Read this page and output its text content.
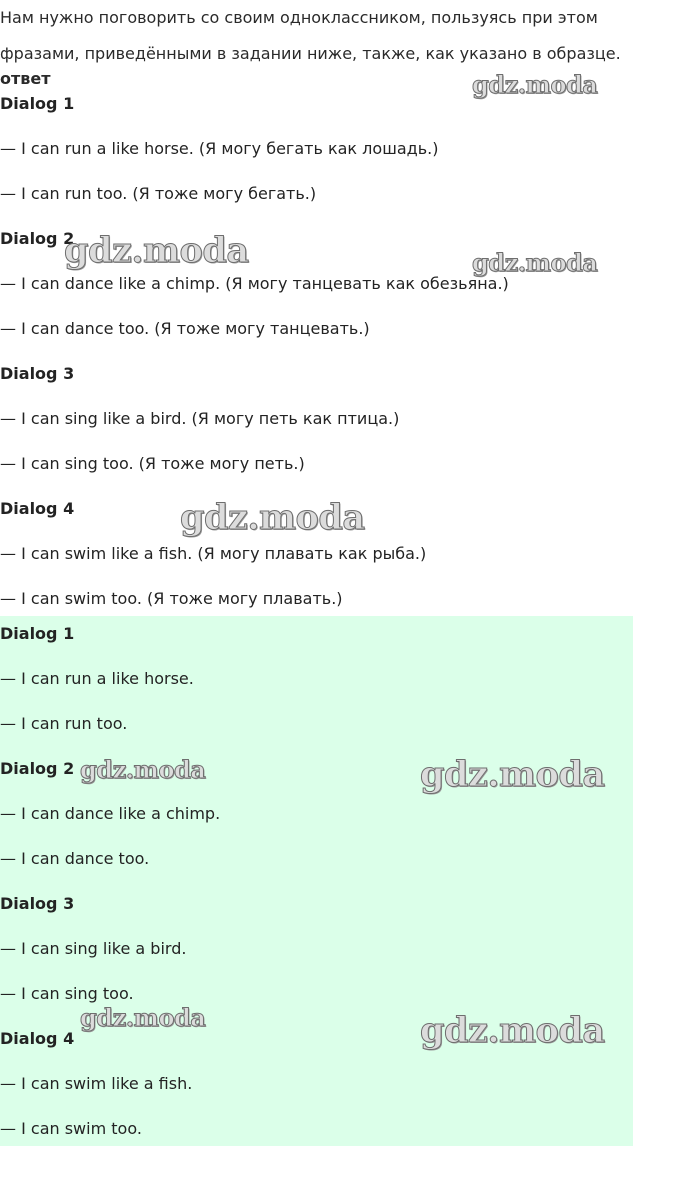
Нам нужно поговорить со своим одноклассником, пользуясь при этом фразами, приведёнными в задании ниже, также, как указано в образце.
ответ
Dialog 1
— I can run a like horse. (Я могу бегать как лошадь.)
— I can run too. (Я тоже могу бегать.)
Dialog 2
— I can dance like a chimp. (Я могу танцевать как обезьяна.)
— I can dance too. (Я тоже могу танцевать.)
Dialog 3
— I can sing like a bird. (Я могу петь как птица.)
— I can sing too. (Я тоже могу петь.)
Dialog 4
— I can swim like a fish. (Я могу плавать как рыба.)
— I can swim too. (Я тоже могу плавать.)
Dialog 1
— I can run a like horse.
— I can run too.
Dialog 2
— I can dance like a chimp.
— I can dance too.
Dialog 3
— I can sing like a bird.
— I can sing too.
Dialog 4
— I can swim like a fish.
— I can swim too.
gdz.moda
gdz.moda	gdz.moda
gdz.moda
gdz.moda	gdz.moda
gdz.moda	gdz.moda
